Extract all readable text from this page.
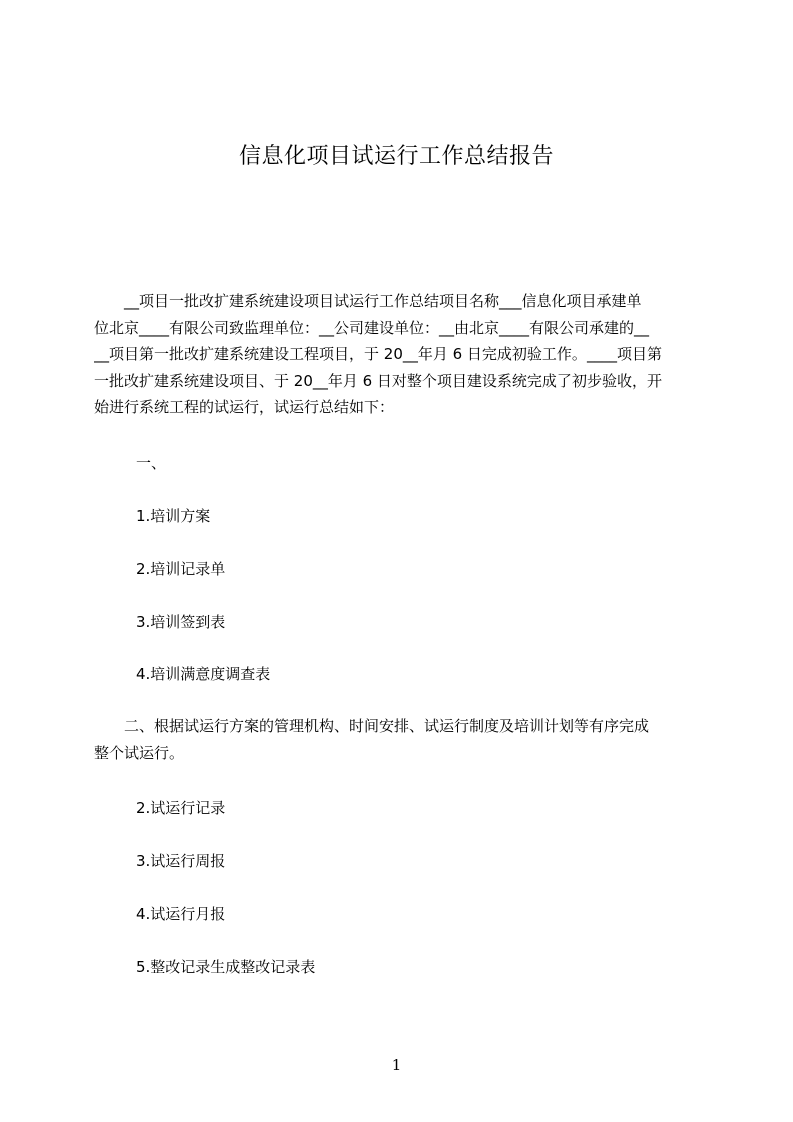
信息化项目试运行工作总结报告
　　__项目一批改扩建系统建设项目试运行工作总结项目名称___信息化项目承建单
位北京____有限公司致监理单位：__公司建设单位：__由北京____有限公司承建的__
__项目第一批改扩建系统建设工程项目，于 20__年月 6 日完成初验工作。____项目第
一批改扩建系统建设项目、于 20__年月 6 日对整个项目建设系统完成了初步验收，开
始进行系统工程的试运行，试运行总结如下：

一、

1.培训方案

2.培训记录单

3.培训签到表

4.培训满意度调查表

　　二、根据试运行方案的管理机构、时间安排、试运行制度及培训计划等有序完成
整个试运行。

2.试运行记录

3.试运行周报

4.试运行月报

5.整改记录生成整改记录表

1
